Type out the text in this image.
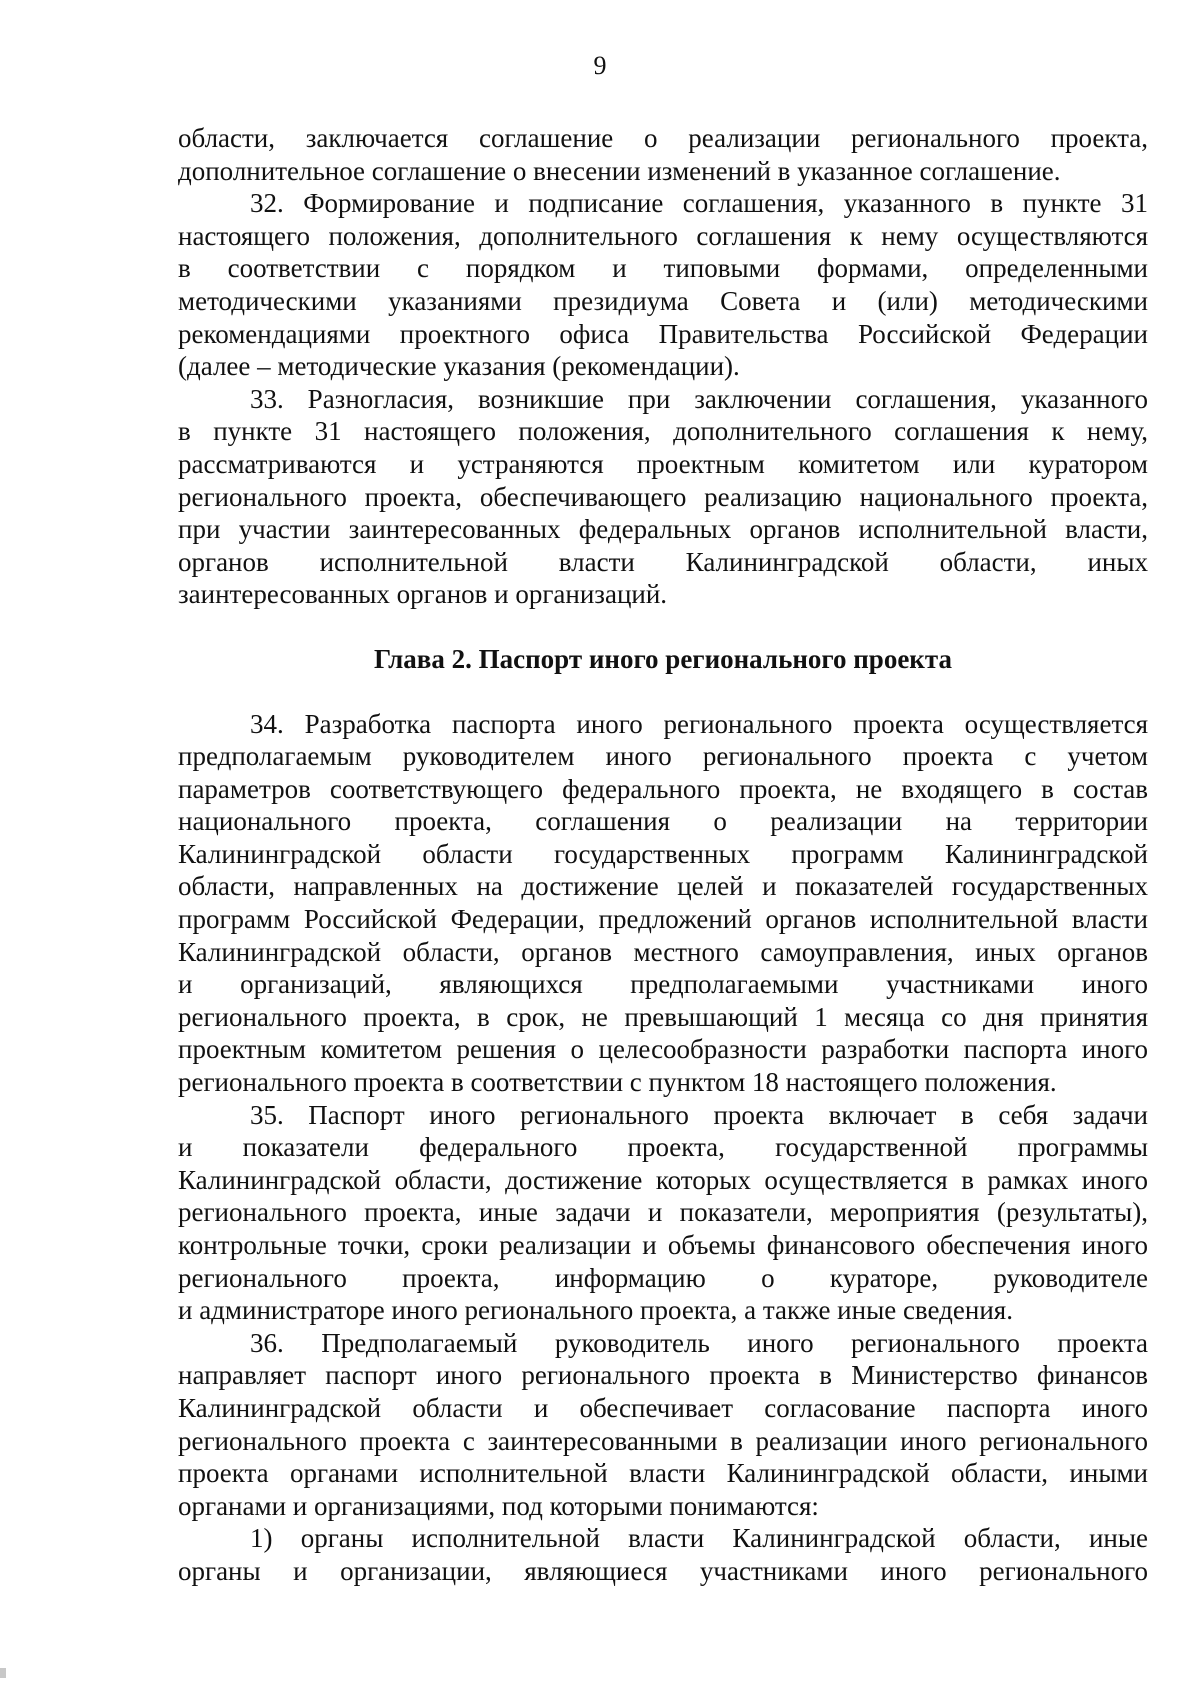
9
области, заключается соглашение о реализации регионального проекта,
дополнительное соглашение о внесении изменений в указанное соглашение.
32. Формирование и подписание соглашения, указанного в пункте 31
настоящего положения, дополнительного соглашения к нему осуществляются
в соответствии с порядком и типовыми формами, определенными
методическими указаниями президиума Совета и (или) методическими
рекомендациями проектного офиса Правительства Российской Федерации
(далее – методические указания (рекомендации).
33. Разногласия, возникшие при заключении соглашения, указанного
в пункте 31 настоящего положения, дополнительного соглашения к нему,
рассматриваются и устраняются проектным комитетом или куратором
регионального проекта, обеспечивающего реализацию национального проекта,
при участии заинтересованных федеральных органов исполнительной власти,
органов исполнительной власти Калининградской области, иных
заинтересованных органов и организаций.
Глава 2. Паспорт иного регионального проекта
34. Разработка паспорта иного регионального проекта осуществляется
предполагаемым руководителем иного регионального проекта с учетом
параметров соответствующего федерального проекта, не входящего в состав
национального проекта, соглашения о реализации на территории
Калининградской области государственных программ Калининградской
области, направленных на достижение целей и показателей государственных
программ Российской Федерации, предложений органов исполнительной власти
Калининградской области, органов местного самоуправления, иных органов
и организаций, являющихся предполагаемыми участниками иного
регионального проекта, в срок, не превышающий 1 месяца со дня принятия
проектным комитетом решения о целесообразности разработки паспорта иного
регионального проекта в соответствии с пунктом 18 настоящего положения.
35. Паспорт иного регионального проекта включает в себя задачи
и показатели федерального проекта, государственной программы
Калининградской области, достижение которых осуществляется в рамках иного
регионального проекта, иные задачи и показатели, мероприятия (результаты),
контрольные точки, сроки реализации и объемы финансового обеспечения иного
регионального проекта, информацию о кураторе, руководителе
и администраторе иного регионального проекта, а также иные сведения.
36. Предполагаемый руководитель иного регионального проекта
направляет паспорт иного регионального проекта в Министерство финансов
Калининградской области и обеспечивает согласование паспорта иного
регионального проекта с заинтересованными в реализации иного регионального
проекта органами исполнительной власти Калининградской области, иными
органами и организациями, под которыми понимаются:
1) органы исполнительной власти Калининградской области, иные
органы и организации, являющиеся участниками иного регионального
